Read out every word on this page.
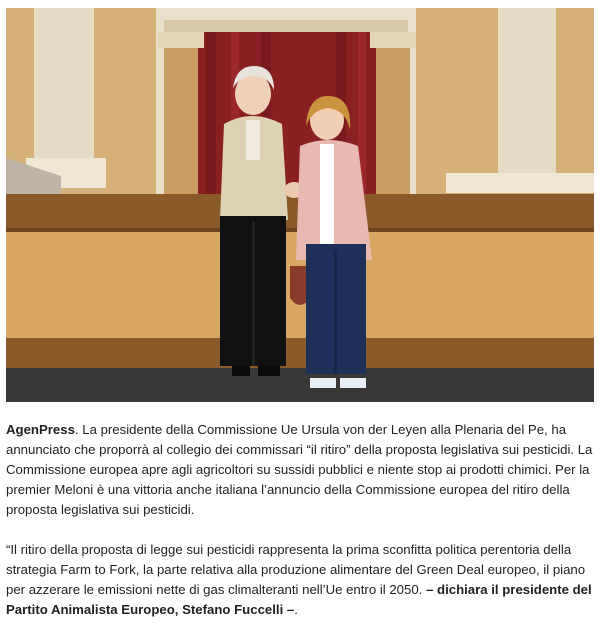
AgenPress. La presidente della Commissione Ue Ursula von der Leyen alla Plenaria del Pe, ha annunciato che proporrà al collegio dei commissari “il ritiro” della proposta legislativa sui pesticidi. La Commissione europea apre agli agricoltori su sussidi pubblici e niente stop ai prodotti chimici. Per la premier Meloni è una vittoria anche italiana l’annuncio della Commissione europea del ritiro della proposta legislativa sui pesticidi.

“Il ritiro della proposta di legge sui pesticidi rappresenta la prima sconfitta politica perentoria della strategia Farm to Fork, la parte relativa alla produzione alimentare del Green Deal europeo, il piano per azzerare le emissioni nette di gas climalteranti nell’Ue entro il 2050. – dichiara il presidente del Partito Animalista Europeo, Stefano Fuccelli –.
